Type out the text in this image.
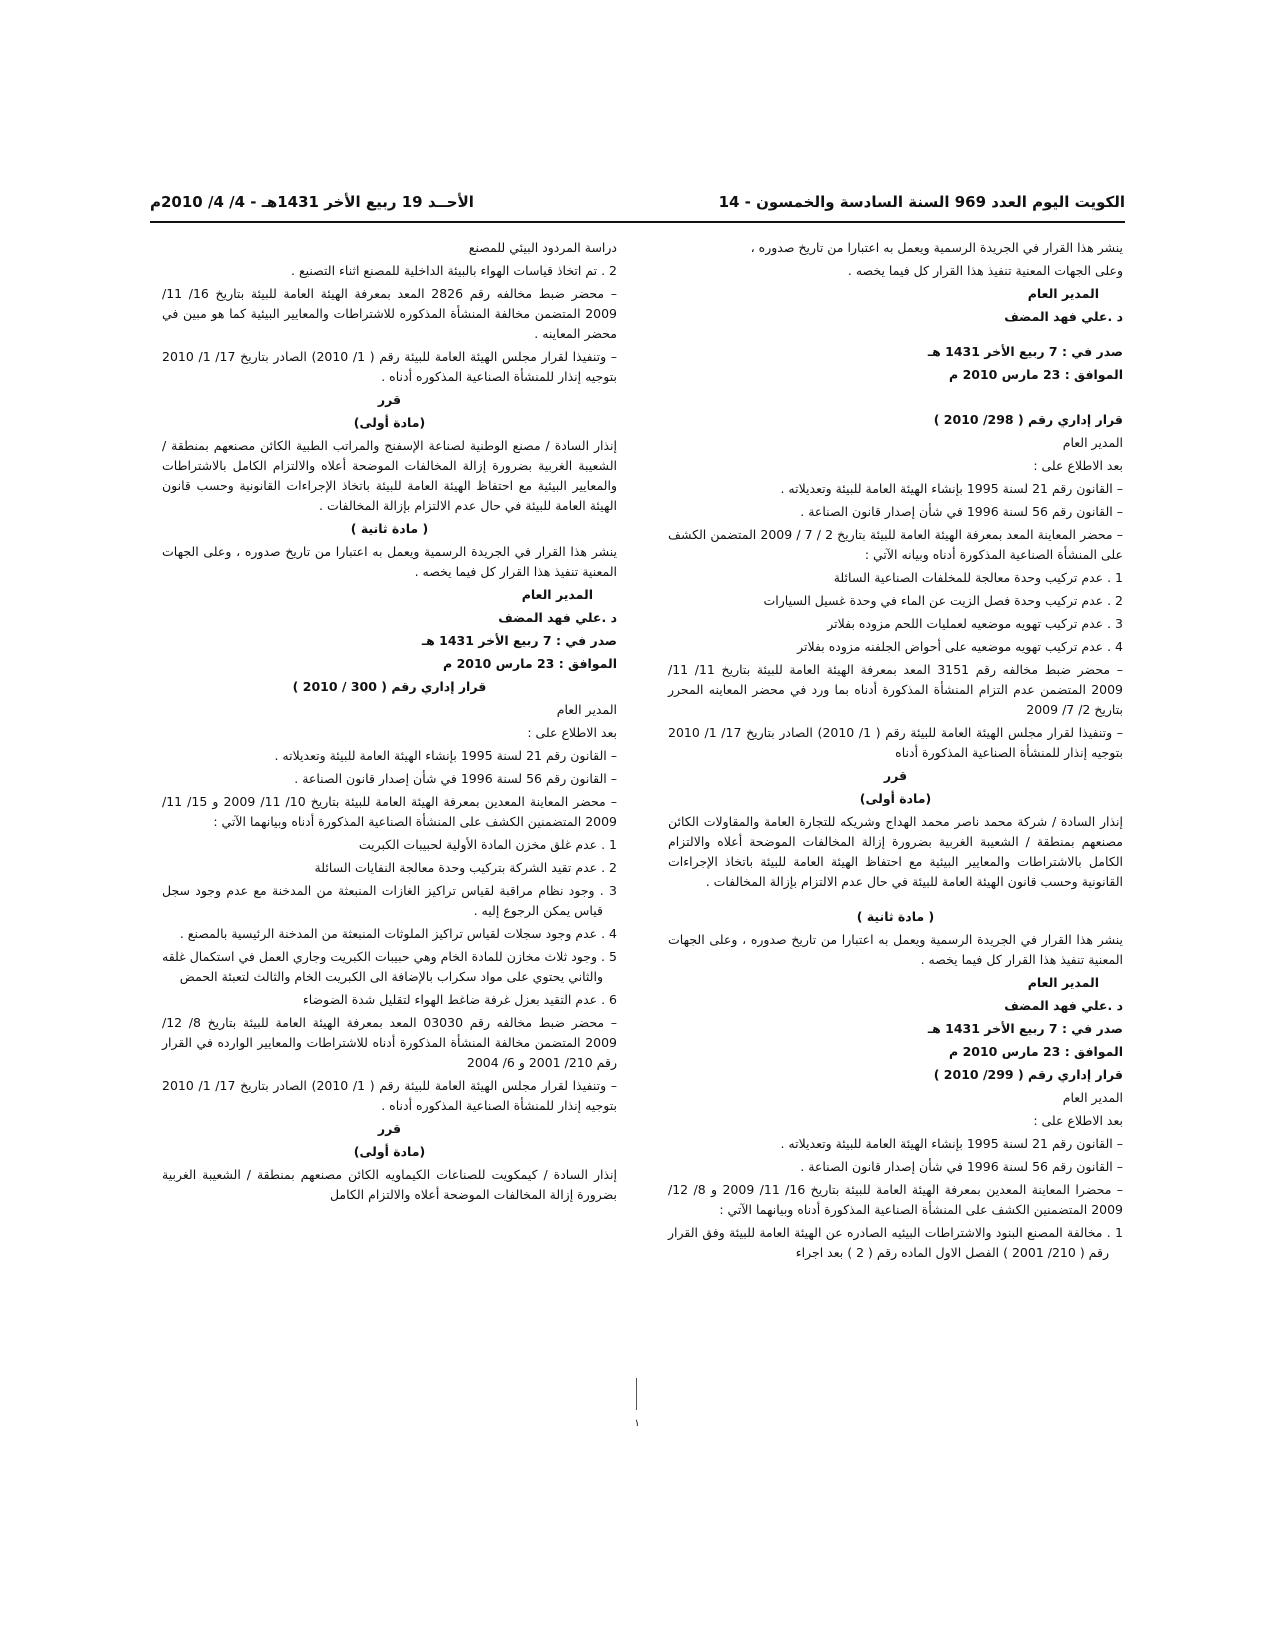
الكويت اليوم العدد 969 السنة السادسة والخمسون - 14
الأحــد 19 ربيع الأخر 1431هـ - 4/ 4/ 2010م

ينشر هذا القرار في الجريدة الرسمية ويعمل به اعتبارا من تاريخ صدوره ،

وعلى الجهات المعنية تنفيذ هذا القرار كل فيما يخصه .

المدير العام

د .علي فهد المضف

صدر في : 7 ربيع الأخر 1431 هـ

الموافق : 23 مارس 2010 م

قرار إداري رقم ( 298/ 2010 )

المدير العام

بعد الاطلاع على :

– القانون رقم 21 لسنة 1995 بإنشاء الهيئة العامة للبيئة وتعديلاته .

– القانون رقم 56 لسنة 1996 في شأن إصدار قانون الصناعة .

– محضر المعاينة المعد بمعرفة الهيئة العامة للبيئة بتاريخ 2 / 7 / 2009 المتضمن الكشف على المنشأة الصناعية المذكورة أدناه وبيانه الآتي :

1 . عدم تركيب وحدة معالجة للمخلفات الصناعية السائلة

2 . عدم تركيب وحدة فصل الزيت عن الماء في وحدة غسيل السيارات

3 . عدم تركيب تهويه موضعيه لعمليات اللحم مزوده بفلاتر

4 . عدم تركيب تهويه موضعيه على أحواض الجلفنه مزوده بفلاتر

– محضر ضبط مخالفه رقم 3151 المعد بمعرفة الهيئة العامة للبيئة بتاريخ 11/ 11/ 2009 المتضمن عدم التزام المنشأة المذكورة أدناه بما ورد في محضر المعاينه المحرر بتاريخ 2/ 7/ 2009

– وتنفيذا لقرار مجلس الهيئة العامة للبيئة رقم ( 1/ 2010) الصادر بتاريخ 17/ 1/ 2010 بتوجيه إنذار للمنشأة الصناعية المذكورة أدناه

قرر

(مادة أولى)

إنذار السادة / شركة محمد ناصر محمد الهداج وشريكه للتجارة العامة والمقاولات الكائن مصنعهم بمنطقة / الشعيبة الغربية بضرورة إزالة المخالفات الموضحة أعلاه والالتزام الكامل بالاشتراطات والمعايير البيئية مع احتفاظ الهيئة العامة للبيئة باتخاذ الإجراءات القانونية وحسب قانون الهيئة العامة للبيئة في حال عدم الالتزام بإزالة المخالفات .

( مادة ثانية )

ينشر هذا القرار في الجريدة الرسمية ويعمل به اعتبارا من تاريخ صدوره ، وعلى الجهات المعنية تنفيذ هذا القرار كل فيما يخصه .

المدير العام

د .علي فهد المضف

صدر في : 7 ربيع الأخر 1431 هـ

الموافق : 23 مارس 2010 م

قرار إداري رقم ( 299/ 2010 )

المدير العام

بعد الاطلاع على :

– القانون رقم 21 لسنة 1995 بإنشاء الهيئة العامة للبيئة وتعديلاته .

– القانون رقم 56 لسنة 1996 في شأن إصدار قانون الصناعة .

– محضرا المعاينة المعدين بمعرفة الهيئة العامة للبيئة بتاريخ 16/ 11/ 2009 و 8/ 12/ 2009 المتضمنين الكشف على المنشأة الصناعية المذكورة أدناه وبيانهما الآتي :

1 . مخالفة المصنع البنود والاشتراطات البيئيه الصادره عن الهيئة العامة للبيئة وفق القرار رقم ( 210/ 2001 ) الفصل الاول الماده رقم ( 2 ) بعد اجراء

دراسة المردود البيئي للمصنع

2 . تم اتخاذ قياسات الهواء بالبيئة الداخلية للمصنع اثناء التصنيع .

– محضر ضبط مخالفه رقم 2826 المعد بمعرفة الهيئة العامة للبيئة بتاريخ 16/ 11/ 2009 المتضمن مخالفة المنشأة المذكوره للاشتراطات والمعايير البيئية كما هو مبين في محضر المعاينه .

– وتنفيذا لقرار مجلس الهيئة العامة للبيئة رقم ( 1/ 2010) الصادر بتاريخ 17/ 1/ 2010 بتوجيه إنذار للمنشأة الصناعية المذكوره أدناه .

قرر

(مادة أولى)

إنذار السادة / مصنع الوطنية لصناعة الإسفنج والمراتب الطبية الكائن مصنعهم بمنطقة / الشعيبة الغربية بضرورة إزالة المخالفات الموضحة أعلاه والالتزام الكامل بالاشتراطات والمعايير البيئية مع احتفاظ الهيئة العامة للبيئة باتخاذ الإجراءات القانونية وحسب قانون الهيئة العامة للبيئة في حال عدم الالتزام بإزالة المخالفات .

( مادة ثانية )

ينشر هذا القرار في الجريدة الرسمية ويعمل به اعتبارا من تاريخ صدوره ، وعلى الجهات المعنية تنفيذ هذا القرار كل فيما يخصه .

المدير العام

د .علي فهد المضف

صدر في : 7 ربيع الأخر 1431 هـ

الموافق : 23 مارس 2010 م

قرار إداري رقم ( 300 / 2010 )

المدير العام

بعد الاطلاع على :

– القانون رقم 21 لسنة 1995 بإنشاء الهيئة العامة للبيئة وتعديلاته .

– القانون رقم 56 لسنة 1996 في شأن إصدار قانون الصناعة .

– محضر المعاينة المعدين بمعرفة الهيئة العامة للبيئة بتاريخ 10/ 11/ 2009 و 15/ 11/ 2009 المتضمنين الكشف على المنشأة الصناعية المذكورة أدناه وبيانهما الآتي :

1 . عدم غلق مخزن المادة الأولية لحبيبات الكبريت

2 . عدم تقيد الشركة بتركيب وحدة معالجة النفايات السائلة

3 . وجود نظام مراقبة لقياس تراكيز الغازات المنبعثة من المدخنة مع عدم وجود سجل قياس يمكن الرجوع إليه .

4 . عدم وجود سجلات لقياس تراكيز الملوثات المنبعثة من المدخنة الرئيسية بالمصنع .

5 . وجود ثلاث مخازن للمادة الخام وهي حبيبات الكبريت وجاري العمل في استكمال غلقه والثاني يحتوي على مواد سكراب بالإضافة الى الكبريت الخام والثالث لتعبئة الحمض

6 . عدم التقيد بعزل غرفة ضاغط الهواء لتقليل شدة الضوضاء

– محضر ضبط مخالفه رقم 03030 المعد بمعرفة الهيئة العامة للبيئة بتاريخ 8/ 12/ 2009 المتضمن مخالفة المنشأة المذكورة أدناه للاشتراطات والمعايير الوارده في القرار رقم 210/ 2001 و 6/ 2004

– وتنفيذا لقرار مجلس الهيئة العامة للبيئة رقم ( 1/ 2010) الصادر بتاريخ 17/ 1/ 2010 بتوجيه إنذار للمنشأة الصناعية المذكوره أدناه .

قرر

(مادة أولى)

إنذار السادة / كيمكويت للصناعات الكيماويه الكائن مصنعهم بمنطقة / الشعيبة الغربية بضرورة إزالة المخالفات الموضحة أعلاه والالتزام الكامل

١
